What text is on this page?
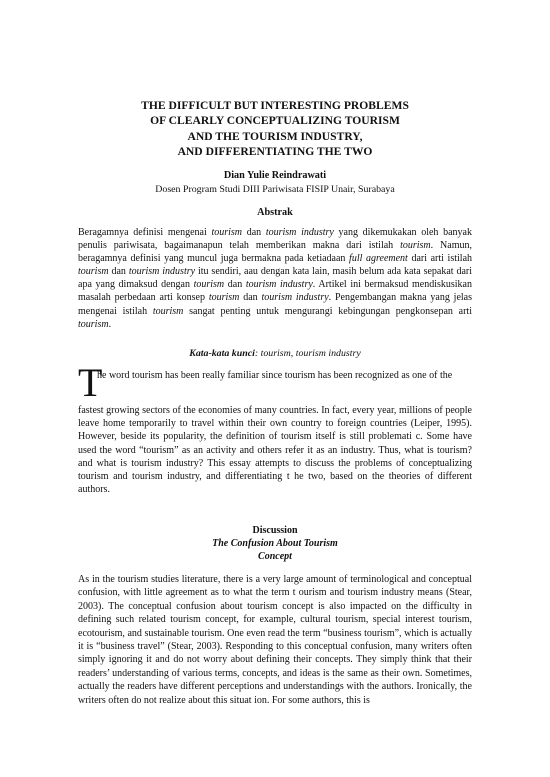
THE DIFFICULT BUT INTERESTING PROBLEMS
OF CLEARLY CONCEPTUALIZING TOURISM
AND THE TOURISM INDUSTRY,
AND DIFFERENTIATING THE TWO
Dian Yulie Reindrawati
Dosen Program Studi DIII Pariwisata FISIP Unair, Surabaya
Abstrak
Beragamnya definisi mengenai tourism dan tourism industry yang dikemukakan oleh banyak penulis pariwisata, bagaimanapun telah memberikan makna dari istilah tourism. Namun, beragamnya definisi yang muncul juga bermakna pada ketiadaan full agreement dari arti istilah tourism dan tourism industry itu sendiri, aau dengan kata lain, masih belum ada kata sepakat dari apa yang dimaksud dengan tourism dan tourism industry. Artikel ini bermaksud mendiskusikan masalah perbedaan arti konsep tourism dan tourism industry. Pengembangan makna yang jelas mengenai istilah tourism sangat penting untuk mengurangi kebingungan pengkonsepan arti tourism.
Kata-kata kunci: tourism, tourism industry
T
he word tourism has been really familiar since tourism has been recognized as one of the
fastest growing sectors of the economies of many countries. In fact, every year, millions of people leave home temporarily to travel within their own country to foreign countries (Leiper, 1995). However, beside its popularity, the definition of tourism itself is still problemati c. Some have used the word “tourism” as an activity and others refer it as an industry. Thus, what is tourism? and what is tourism industry? This essay attempts to discuss the problems of conceptualizing tourism and tourism industry, and differentiating t he two, based on the theories of different authors.
Discussion
The Confusion About Tourism
Concept
As in the tourism studies literature, there is a very large amount of terminological and conceptual confusion, with little agreement as to what the term t ourism and tourism industry means (Stear, 2003). The conceptual confusion about tourism concept is also impacted on the difficulty in defining such related tourism concept, for example, cultural tourism, special interest tourism, ecotourism, and sustainable tourism. One even read the term “business tourism”, which is actually it is “business travel” (Stear, 2003). Responding to this conceptual confusion, many writers often simply ignoring it and do not worry about defining their concepts. They simply think that their readers’ understanding of various terms, concepts, and ideas is the same as their own. Sometimes, actually the readers have different perceptions and understandings with the authors. Ironically, the writers often do not realize about this situat ion. For some authors, this is
